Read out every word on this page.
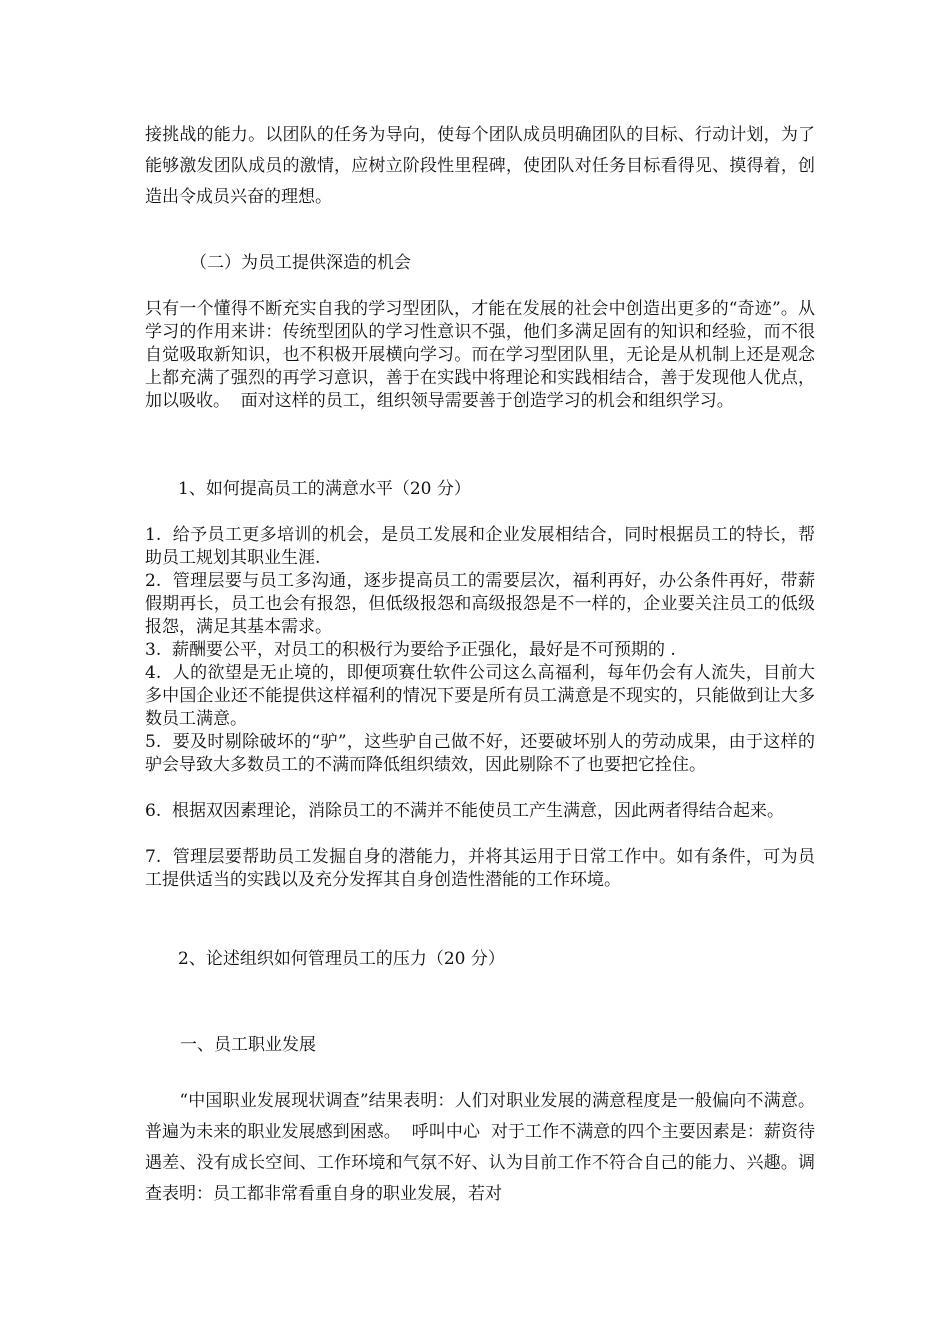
接挑战的能力。以团队的任务为导向，使每个团队成员明确团队的目标、行动计划，为了能够激发团队成员的激情，应树立阶段性里程碑，使团队对任务目标看得见、摸得着，创造出令成员兴奋的理想。

（二）为员工提供深造的机会

只有一个懂得不断充实自我的学习型团队，才能在发展的社会中创造出更多的“奇迹”。从学习的作用来讲：传统型团队的学习性意识不强，他们多满足固有的知识和经验，而不很自觉吸取新知识，也不积极开展横向学习。而在学习型团队里，无论是从机制上还是观念上都充满了强烈的再学习意识，善于在实践中将理论和实践相结合，善于发现他人优点，加以吸收。  面对这样的员工，组织领导需要善于创造学习的机会和组织学习。

1、如何提高员工的满意水平（20 分）

1.  给予员工更多培训的机会，是员工发展和企业发展相结合，同时根据员工的特长，帮助员工规划其职业生涯.

2.  管理层要与员工多沟通，逐步提高员工的需要层次，福利再好，办公条件再好，带薪假期再长，员工也会有报怨，但低级报怨和高级报怨是不一样的，企业要关注员工的低级报怨，满足其基本需求。

3.  薪酬要公平，对员工的积极行为要给予正强化，最好是不可预期的 .

4.  人的欲望是无止境的，即便项赛仕软件公司这么高福利，每年仍会有人流失，目前大多中国企业还不能提供这样福利的情况下要是所有员工满意是不现实的，只能做到让大多数员工满意。

5.  要及时剔除破坏的“驴”，这些驴自己做不好，还要破坏别人的劳动成果，由于这样的驴会导致大多数员工的不满而降低组织绩效，因此剔除不了也要把它拴住。

6.  根据双因素理论，消除员工的不满并不能使员工产生满意，因此两者得结合起来。

7.  管理层要帮助员工发掘自身的潜能力，并将其运用于日常工作中。如有条件，可为员工提供适当的实践以及充分发挥其自身创造性潜能的工作环境。

2、论述组织如何管理员工的压力（20 分）

一、员工职业发展

　　“中国职业发展现状调查”结果表明：人们对职业发展的满意程度是一般偏向不满意。普遍为未来的职业发展感到困惑。  呼叫中心  对于工作不满意的四个主要因素是：薪资待遇差、没有成长空间、工作环境和气氛不好、认为目前工作不符合自己的能力、兴趣。调查表明：员工都非常看重自身的职业发展，若对
